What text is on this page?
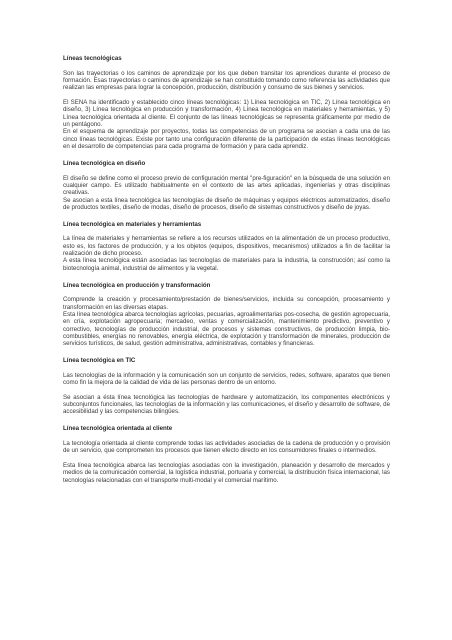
Líneas tecnológicas

Son las trayectorias o los caminos de aprendizaje por los que deben transitar los aprendices durante el proceso de formación. Esas trayectorias o caminos de aprendizaje se han constituido tomando como referencia las actividades que realizan las empresas para lograr la concepción, producción, distribución y consumo de sus bienes y servicios.

El SENA ha identificado y establecido cinco líneas tecnológicas: 1) Línea tecnológica en TIC, 2) Línea tecnológica en diseño, 3) Línea tecnológica en producción y transformación, 4) Línea tecnológica en materiales y herramientas, y 5) Línea tecnológica orientada al cliente. El conjunto de las líneas tecnológicas se representa gráficamente por medio de un pentágono.
En el esquema de aprendizaje por proyectos, todas las competencias de un programa se asocian a cada una de las cinco líneas tecnológicas. Existe por tanto una configuración diferente de la participación de estas líneas tecnológicas en el desarrollo de competencias para cada programa de formación y para cada aprendiz.

Línea tecnológica en diseño

El diseño se define como el proceso previo de configuración mental "pre-figuración" en la búsqueda de una solución en cualquier campo. Es utilizado habitualmente en el contexto de las artes aplicadas, ingenierías y otras disciplinas creativas.
Se asocian a esta línea tecnológica las tecnologías de diseño de máquinas y equipos eléctricos automatizados, diseño de productos textiles, diseño de modas, diseño de procesos, diseño de sistemas constructivos y diseño de joyas.

Línea tecnológica en materiales y herramientas

La línea de materiales y herramientas se refiere a los recursos utilizados en la alimentación de un proceso productivo, esto es, los factores de producción, y a los objetos (equipos, dispositivos, mecanismos) utilizados a fin de facilitar la realización de dicho proceso.
A esta línea tecnológica están asociadas las tecnologías de materiales para la industria, la construcción; así como la biotecnología animal, industrial de alimentos y la vegetal.

Línea tecnológica en producción y transformación

Comprende la creación y procesamiento/prestación de bienes/servicios, incluida su concepción, procesamiento y transformación en las diversas etapas.
Esta línea tecnológica abarca tecnologías agrícolas, pecuarias, agroalimentarias pos-cosecha, de gestión agropecuaria, en cría, explotación agropecuaria; mercadeo, ventas y comercialización, mantenimiento predictivo, preventivo y correctivo, tecnologías de producción industrial, de procesos y sistemas constructivos, de producción limpia, bio-combustibles, energías no renovables, energía eléctrica, de explotación y transformación de minerales, producción de servicios turísticos, de salud, gestión administrativa, administrativas, contables y financieras.

Línea tecnológica en TIC

Las tecnologías de la información y la comunicación son un conjunto de servicios, redes, software, aparatos que tienen como fin la mejora de la calidad de vida de las personas dentro de un entorno.

Se asocian a ésta línea tecnológica las tecnologías de hardware y automatización, los componentes electrónicos y subconjuntos funcionales, las tecnologías de la información y las comunicaciones, el diseño y desarrollo de software, de accesibilidad y las competencias bilingües.

Línea tecnológica orientada al cliente

La tecnología orientada al cliente comprende todas las actividades asociadas de la cadena de producción y o provisión de un servicio, que comprometen los procesos que tienen efecto directo en los consumidores finales o intermedios.

Esta línea tecnológica abarca las tecnologías asociadas con la investigación, planeación y desarrollo de mercados y medios de la comunicación comercial, la logística industrial, portuaria y comercial, la distribución física internacional, las tecnologías relacionadas con el transporte multi-modal y el comercial marítimo.
